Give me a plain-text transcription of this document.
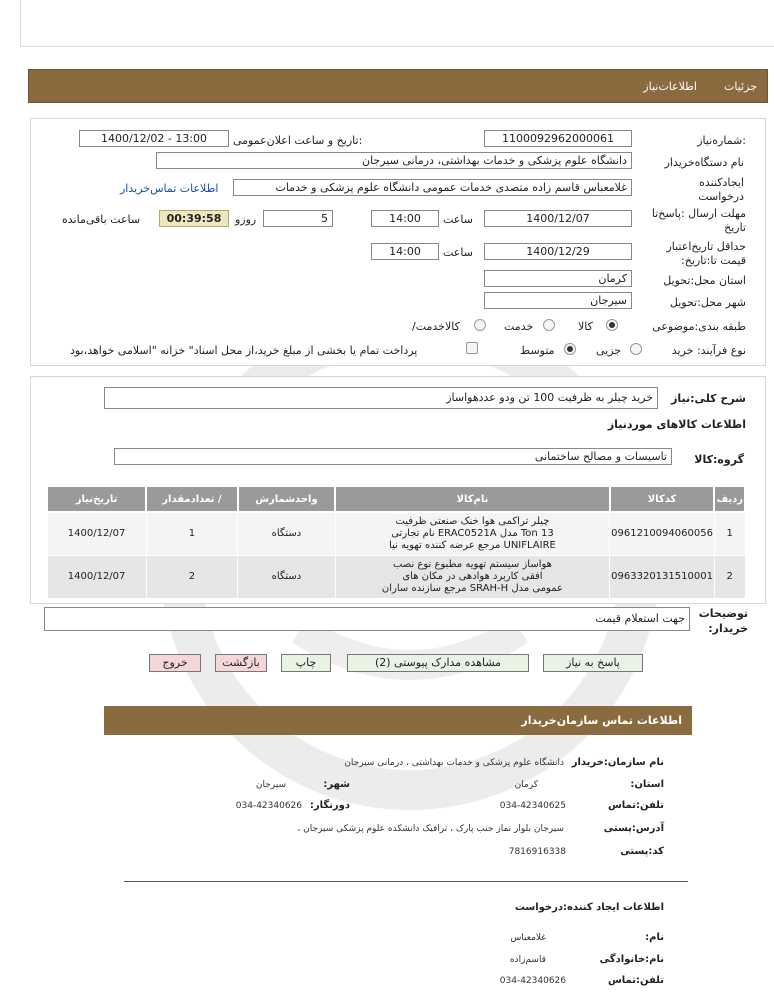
جزئیات
اطلاعات‌نیاز
شماره‌نیاز:
1100092962000061
تاریخ و ساعت اعلان‌عمومی:
1400/12/02 - 13:00
نام دستگاه‌خریدار
دانشگاه علوم پزشکی و خدمات بهداشتی، درمانی سیرجان
ایجادکننده
درخواست
غلامعباس قاسم زاده متصدی خدمات عمومی دانشگاه علوم پزشکی و خدمات
اطلاعات تماس‌خریدار
مهلت ارسال :پاسخ‌تا
تاریخ
1400/12/07
ساعت
14:00
5
روزو
00:39:58
ساعت باقی‌مانده
حداقل تاریخ‌اعتبار
:قیمت تا:تاریخ
1400/12/29
ساعت
14:00
استان محل:تحویل
کرمان
شهر محل:تحویل
سیرجان
طبقه بندی:موضوعی
کالا
خدمت
/کالاخدمت
نوع فرآیند: خرید
جزیی
متوسط
پرداخت تمام یا بخشی از مبلغ خرید،از محل اسناد" خزانه "اسلامی خواهد،بود
شرح کلی:نیاز
خرید چیلر به ظرفیت 100 تن ودو عددهواساز
اطلاعات کالاهای موردنیاز
گروه:کالا
تاسیسات و مصالح ساختمانی
ردیف	کدکالا	نام‌کالا	واحدشمارش	/ تعدادمقدار	تاریخ‌نیاز
1	0961210094060056	چیلر تراکمی هوا خنک صنعتی ظرفیت
13 Ton مدل ERAC0521A نام تجارتی
UNIFLAIRE مرجع عرضه کننده تهویه نیا	دستگاه	1	1400/12/07
2	0963320131510001	هواساز سیستم تهویه مطبوع نوع نصب
افقی کاربرد هوادهی در مکان های
عمومی مدل SRAH-H مرجع سازنده ساران	دستگاه	2	1400/12/07
توضیحات
:خریدار
جهت استعلام قیمت
پاسخ به نیاز
مشاهده مدارک پیوستی (2)
چاپ
بازگشت
خروج
اطلاعات تماس سازمان‌خریدار
نام سازمان:خریدار
دانشگاه علوم پزشکی و خدمات بهداشتی ، درمانی سیرجان
:استان
کرمان
:شهر
سیرجان
تلفن:تماس
034-42340625
:دورنگار
034-42340626
آدرس:پستی
، سیرجان بلوار نماز جنب پارک ، ترافیک دانشکده علوم پزشکی سیرجان
کد:پستی
7816916338
اطلاعات ایجاد کننده:درخواست
:نام
غلامعباس
نام:خانوادگی
قاسم‌زاده
تلفن:تماس
034-42340626
